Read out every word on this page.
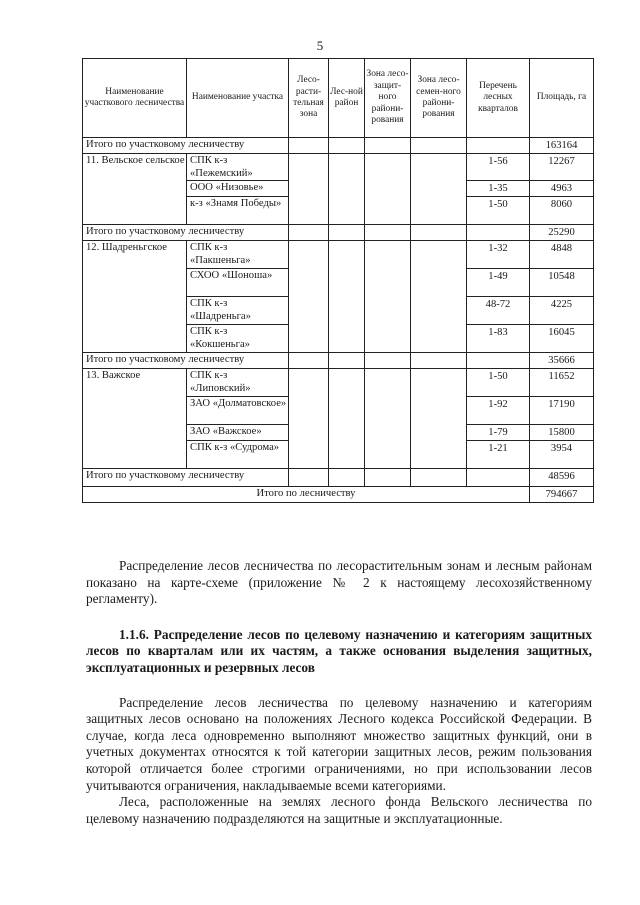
5
Наименование участкового лесничества	Наименование участка	Лесо-расти-тельная зона	Лес-ной район	Зона лесо-защит-ного райони-рования	Зона лесо-семен-ного райони-рования	Перечень лесных кварталов	Площадь, га
Итого по участковому лесничеству							163164
11. Вельское сельское	СПК к-з «Пежемский»					1-56	12267
	ООО «Низовье»					1-35	4963
	к-з «Знамя Победы»					1-50	8060
Итого по участковому лесничеству							25290
12. Шадреньгское	СПК к-з «Пакшеньга»					1-32	4848
	СХОО «Шоноша»					1-49	10548
	СПК к-з «Шадреньга»					48-72	4225
	СПК к-з «Кокшеньга»					1-83	16045
Итого по участковому лесничеству							35666
13. Важское	СПК к-з «Липовский»					1-50	11652
	ЗАО «Долматовское»					1-92	17190
	ЗАО «Важское»					1-79	15800
	СПК к-з «Судрома»					1-21	3954
Итого по участковому лесничеству							48596
Итого по лесничеству							794667

Распределение лесов лесничества по лесорастительным зонам и лесным районам показано на карте-схеме (приложение № 2 к настоящему лесохозяйственному регламенту).

1.1.6. Распределение лесов по целевому назначению и категориям защитных лесов по кварталам или их частям, а также основания выделения защитных, эксплуатационных и резервных лесов

Распределение лесов лесничества по целевому назначению и категориям защитных лесов основано на положениях Лесного кодекса Российской Федерации. В случае, когда леса одновременно выполняют множество защитных функций, они в учетных документах относятся к той категории защитных лесов, режим пользования которой отличается более строгими ограничениями, но при использовании лесов учитываются ограничения, накладываемые всеми категориями.

Леса, расположенные на землях лесного фонда Вельского лесничества по целевому назначению подразделяются на защитные и эксплуатационные.
